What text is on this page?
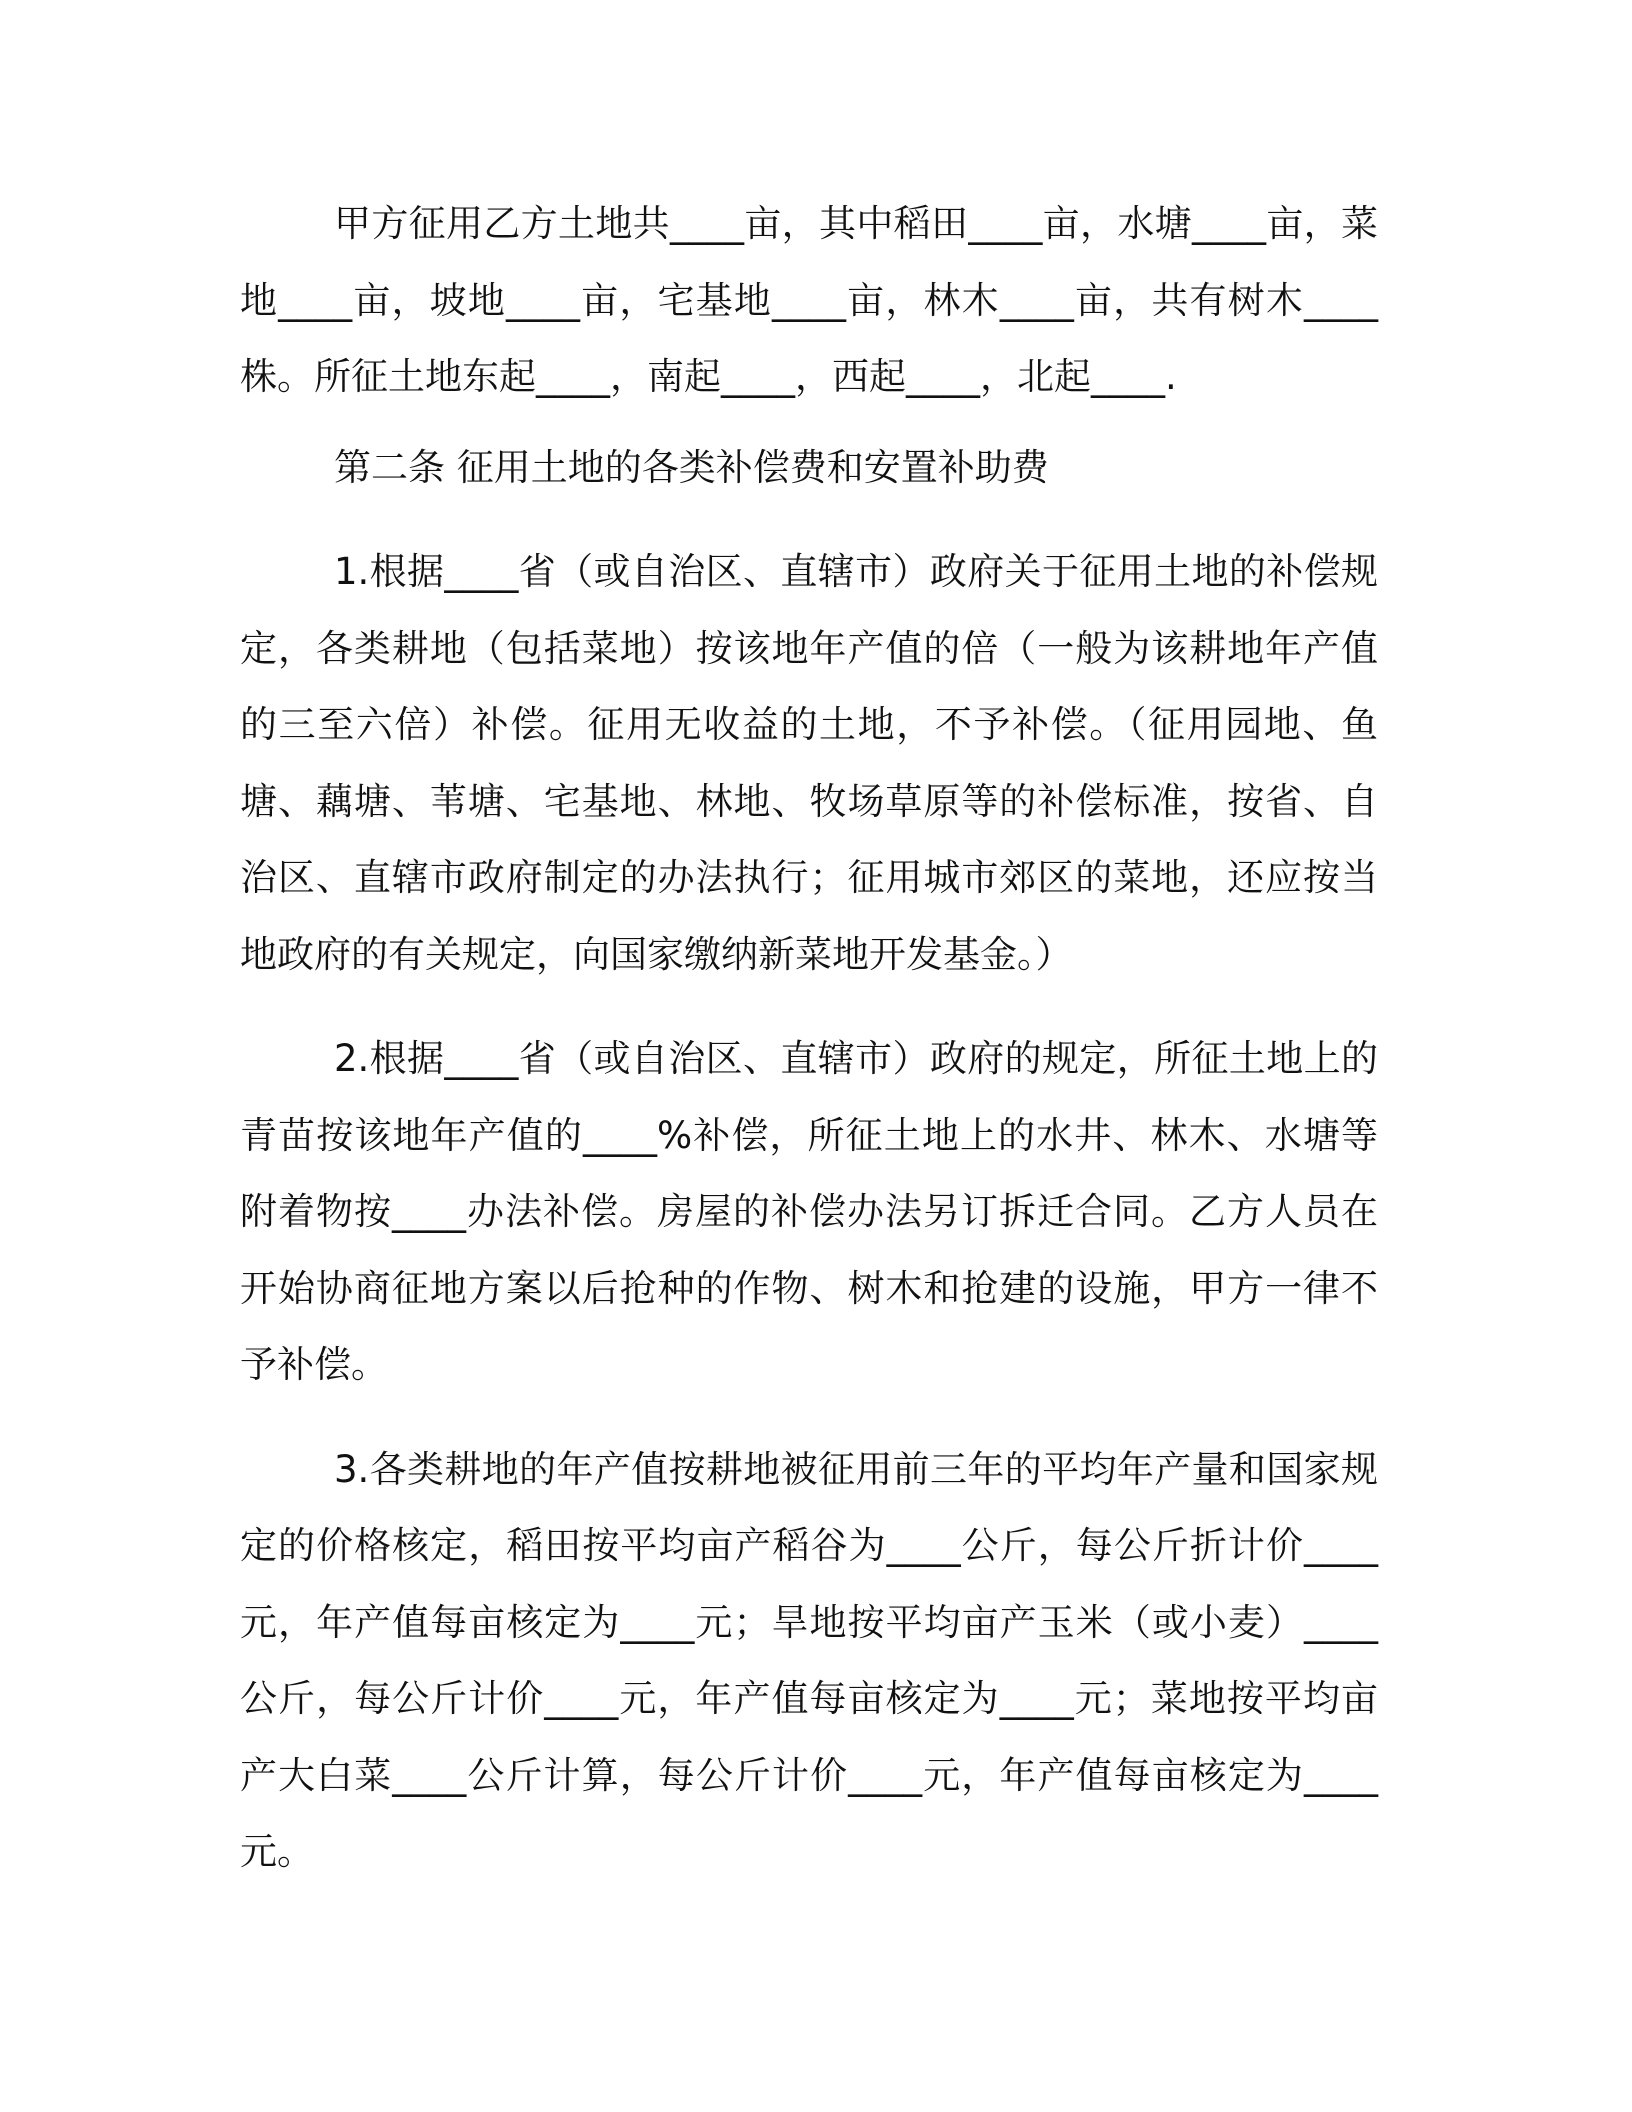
甲方征用乙方土地共____亩，其中稻田____亩，水塘____亩，菜地____亩，坡地____亩，宅基地____亩，林木____亩，共有树木____株。所征土地东起____，南起____，西起____，北起____.

第二条 征用土地的各类补偿费和安置补助费

1.根据____省（或自治区、直辖市）政府关于征用土地的补偿规定，各类耕地（包括菜地）按该地年产值的倍（一般为该耕地年产值的三至六倍）补偿。征用无收益的土地，不予补偿。（征用园地、鱼塘、藕塘、苇塘、宅基地、林地、牧场草原等的补偿标准，按省、自治区、直辖市政府制定的办法执行；征用城市郊区的菜地，还应按当地政府的有关规定，向国家缴纳新菜地开发基金。）

2.根据____省（或自治区、直辖市）政府的规定，所征土地上的青苗按该地年产值的____%补偿，所征土地上的水井、林木、水塘等附着物按____办法补偿。房屋的补偿办法另订拆迁合同。乙方人员在开始协商征地方案以后抢种的作物、树木和抢建的设施，甲方一律不予补偿。

3.各类耕地的年产值按耕地被征用前三年的平均年产量和国家规定的价格核定，稻田按平均亩产稻谷为____公斤，每公斤折计价____元，年产值每亩核定为____元；旱地按平均亩产玉米（或小麦）____公斤，每公斤计价____元，年产值每亩核定为____元；菜地按平均亩产大白菜____公斤计算，每公斤计价____元，年产值每亩核定为____元。
